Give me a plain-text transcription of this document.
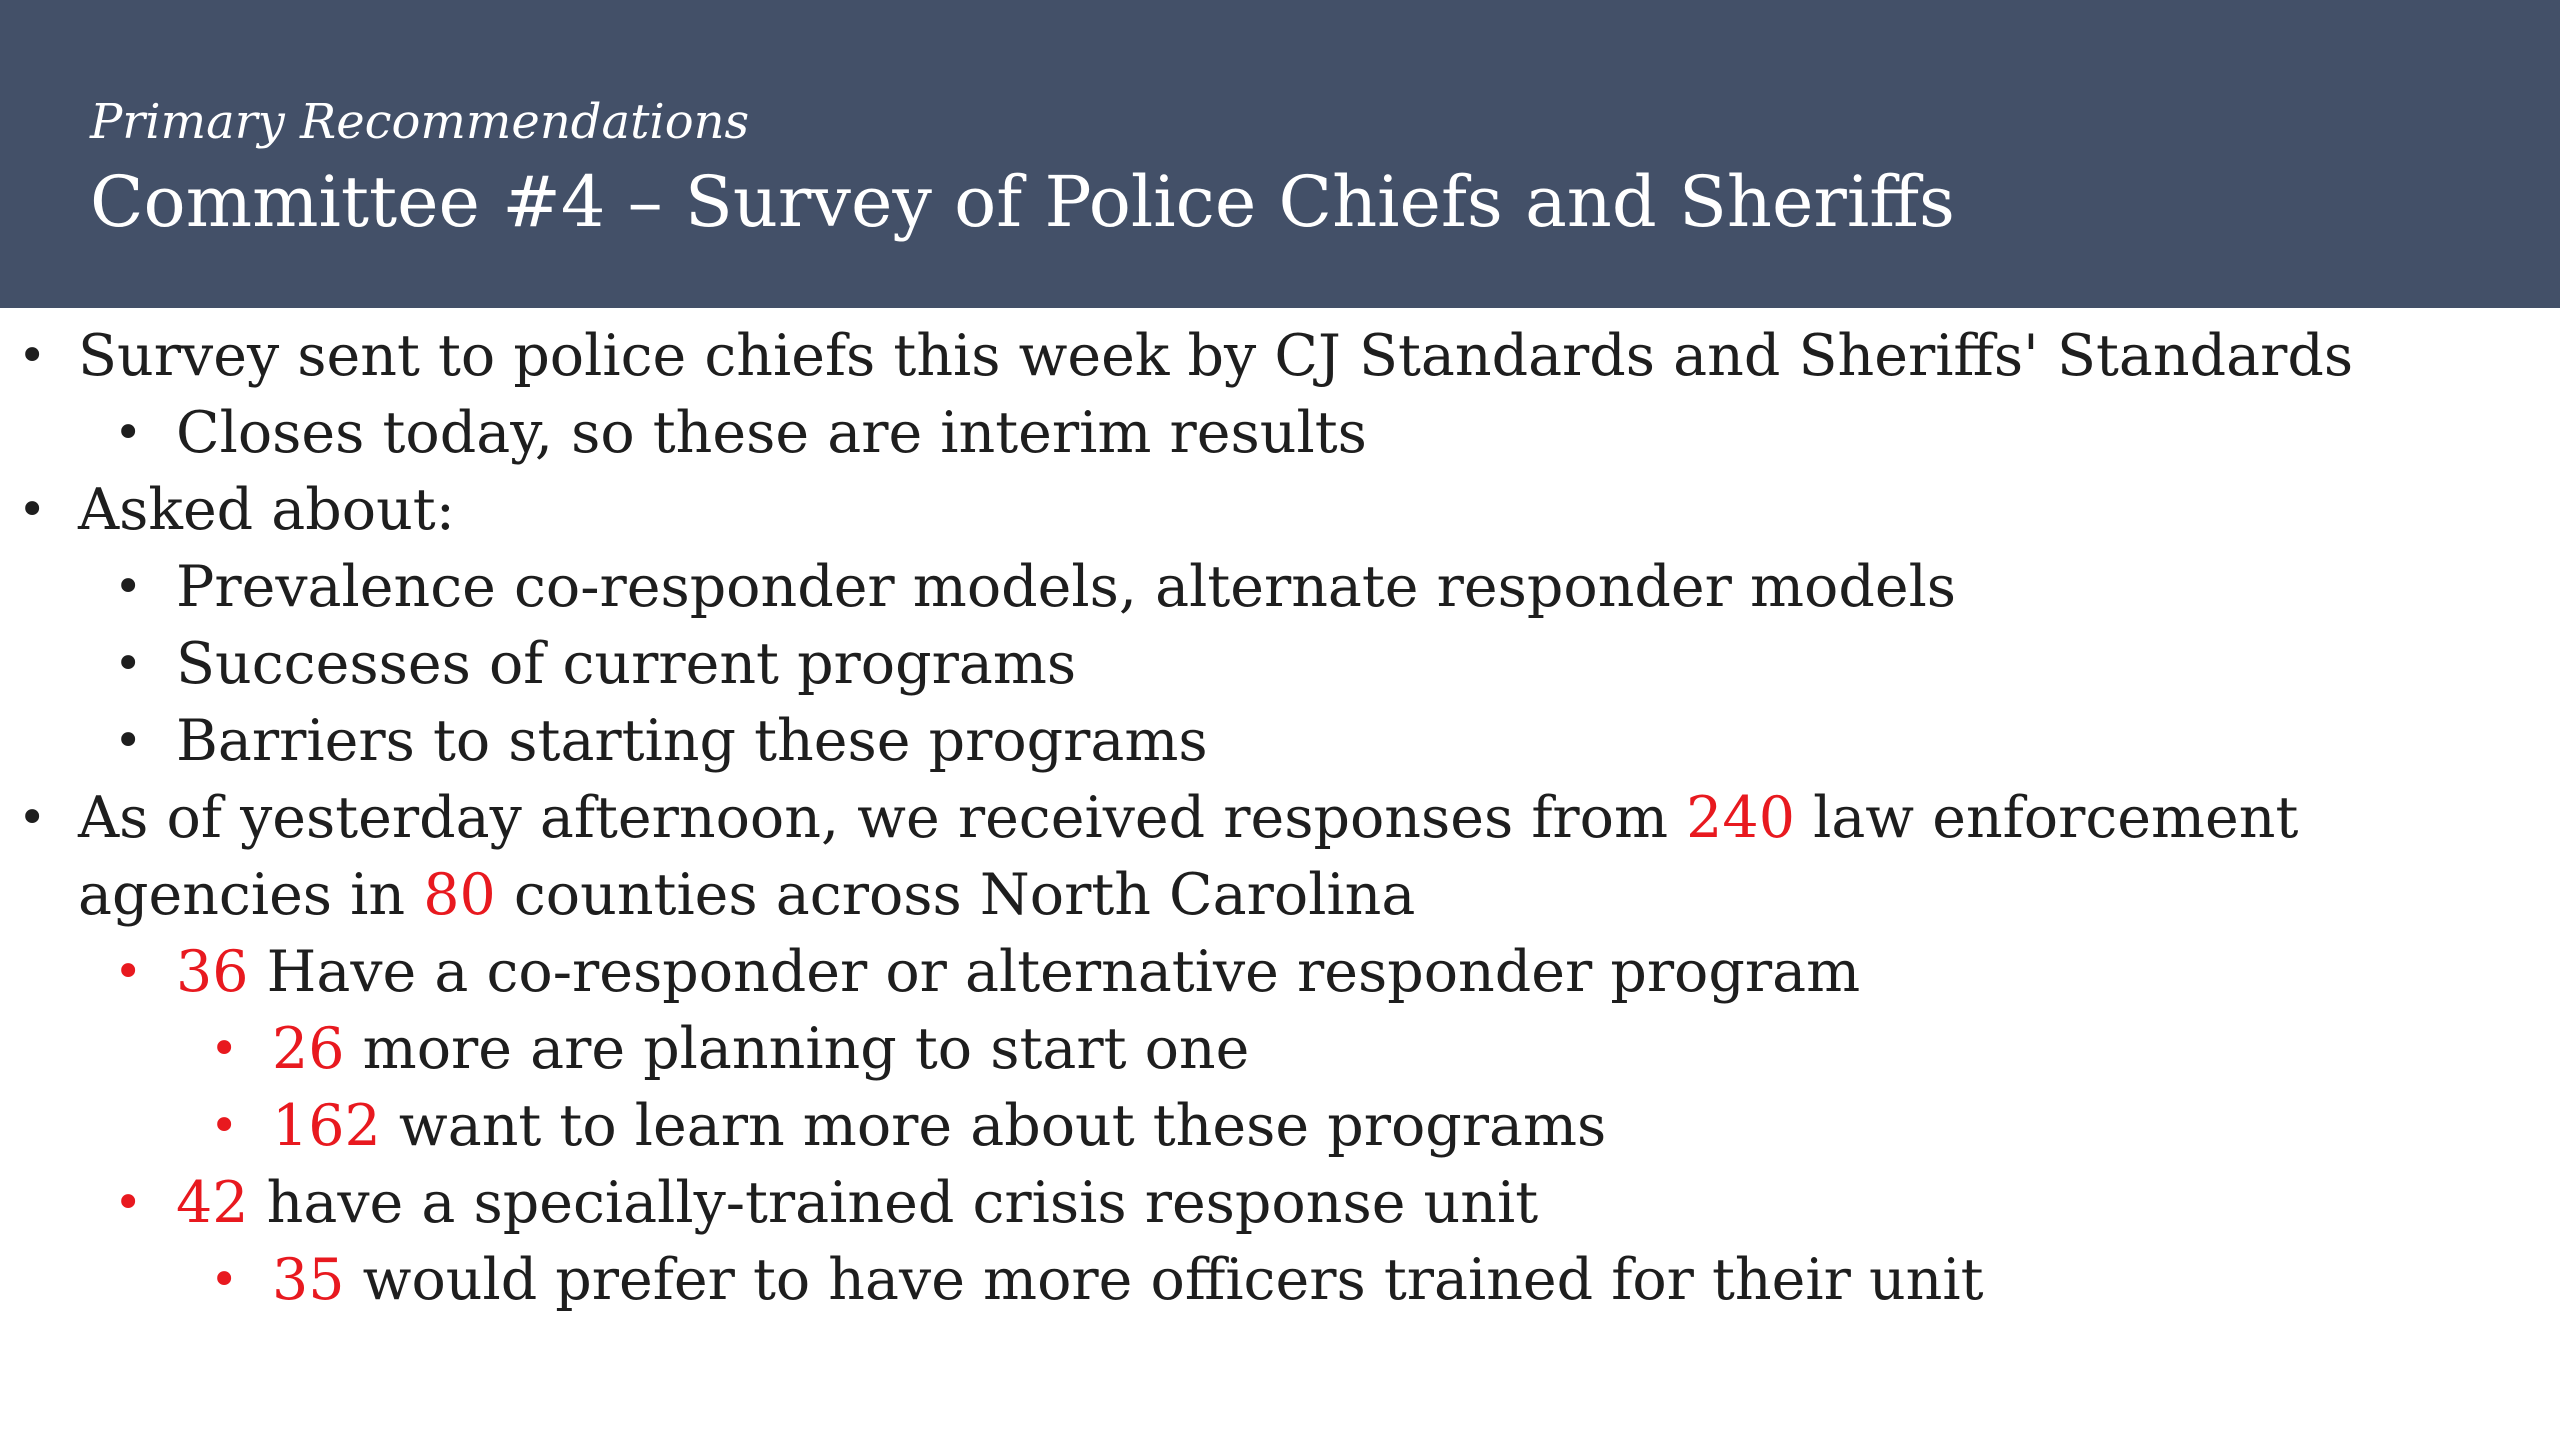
Primary Recommendations
Committee #4 – Survey of Police Chiefs and Sheriffs
• Survey sent to police chiefs this week by CJ Standards and Sheriffs' Standards
• Closes today, so these are interim results
• Asked about:
• Prevalence co-responder models, alternate responder models
• Successes of current programs
• Barriers to starting these programs
• As of yesterday afternoon, we received responses from 240 law enforcement
agencies in 80 counties across North Carolina
• 36 Have a co-responder or alternative responder program
• 26 more are planning to start one
• 162 want to learn more about these programs
• 42 have a specially-trained crisis response unit
• 35 would prefer to have more officers trained for their unit
